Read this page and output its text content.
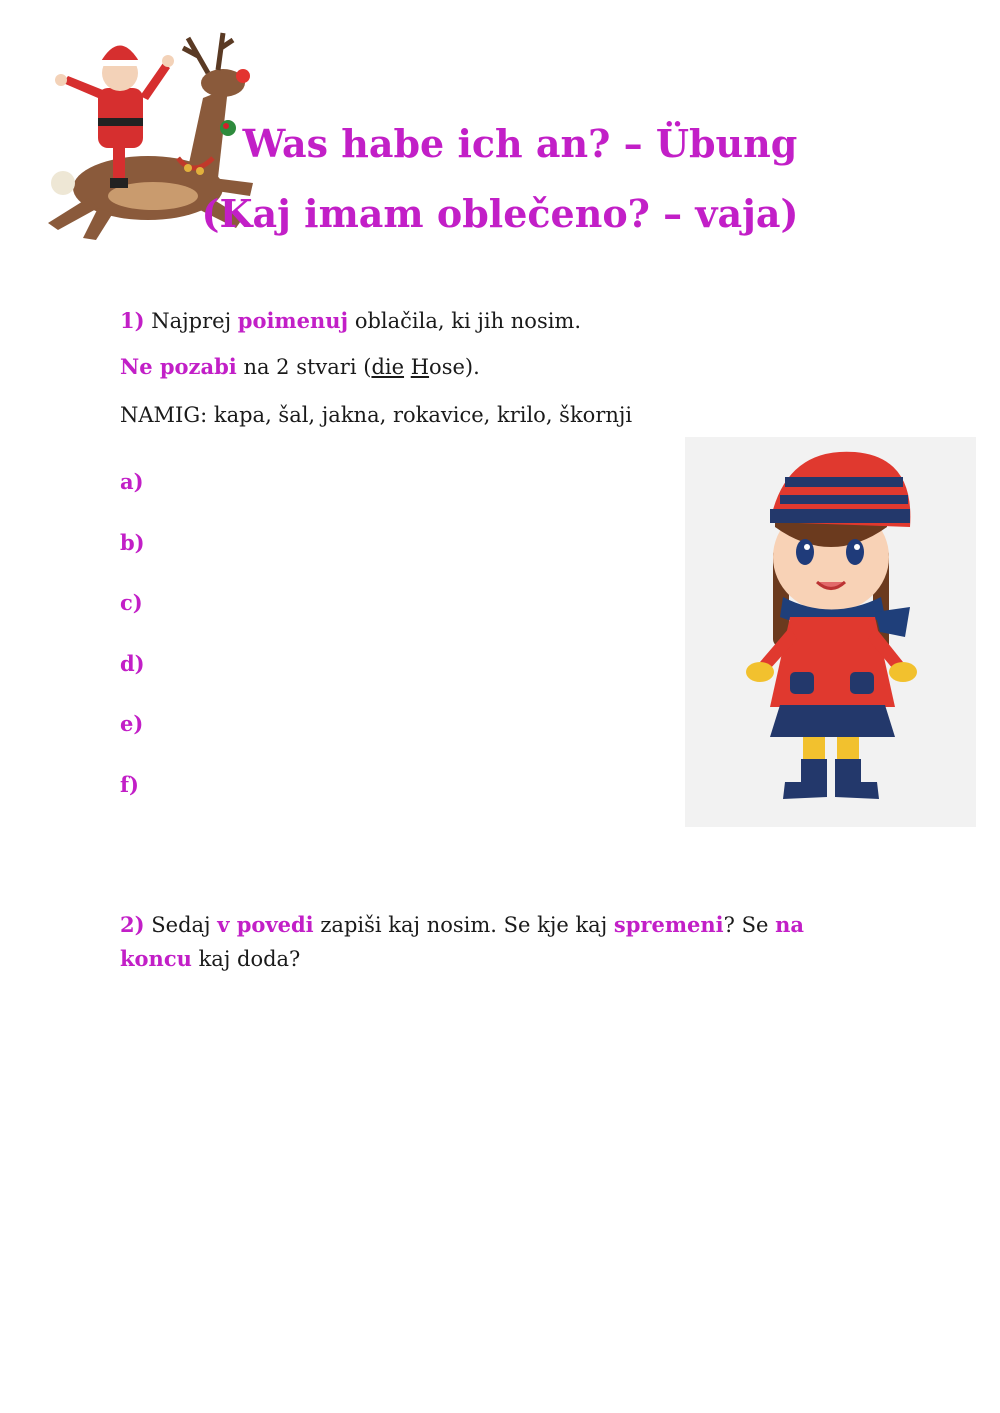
Was habe ich an? – Übung
(Kaj imam oblečeno? – vaja)

1) Najprej poimenuj oblačila, ki jih nosim.

Ne pozabi na 2 stvari (die Hose).

NAMIG: kapa, šal, jakna, rokavice, krilo, škornji

a)
b)
c)
d)
e)
f)

2) Sedaj v povedi zapiši kaj nosim. Se kje kaj spremeni? Se na koncu kaj doda?
